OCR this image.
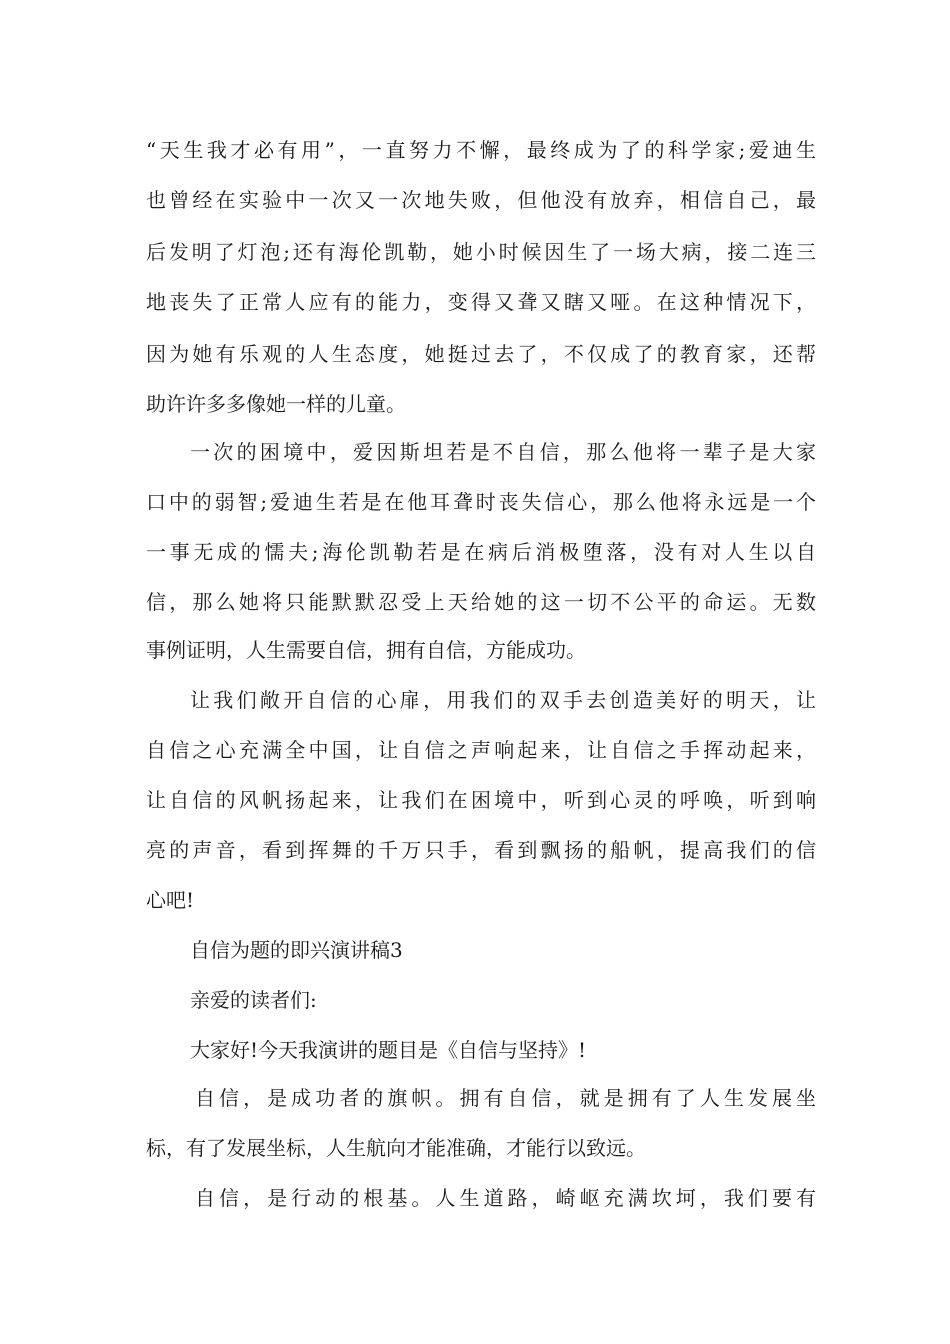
“天生我才必有用”，一直努力不懈，最终成为了的科学家;爱迪生
也曾经在实验中一次又一次地失败，但他没有放弃，相信自己，最
后发明了灯泡;还有海伦凯勒，她小时候因生了一场大病，接二连三
地丧失了正常人应有的能力，变得又聋又瞎又哑。在这种情况下，
因为她有乐观的人生态度，她挺过去了，不仅成了的教育家，还帮
助许许多多像她一样的儿童。
一次的困境中，爱因斯坦若是不自信，那么他将一辈子是大家
口中的弱智;爱迪生若是在他耳聋时丧失信心，那么他将永远是一个
一事无成的懦夫;海伦凯勒若是在病后消极堕落，没有对人生以自
信，那么她将只能默默忍受上天给她的这一切不公平的命运。无数
事例证明，人生需要自信，拥有自信，方能成功。
让我们敞开自信的心扉，用我们的双手去创造美好的明天，让
自信之心充满全中国，让自信之声响起来，让自信之手挥动起来，
让自信的风帆扬起来，让我们在困境中，听到心灵的呼唤，听到响
亮的声音，看到挥舞的千万只手，看到飘扬的船帆，提高我们的信
心吧!
自信为题的即兴演讲稿3
亲爱的读者们:
大家好!今天我演讲的题目是《自信与坚持》!
自信，是成功者的旗帜。拥有自信，就是拥有了人生发展坐
标，有了发展坐标，人生航向才能准确，才能行以致远。
自信，是行动的根基。人生道路，崎岖充满坎坷，我们要有
